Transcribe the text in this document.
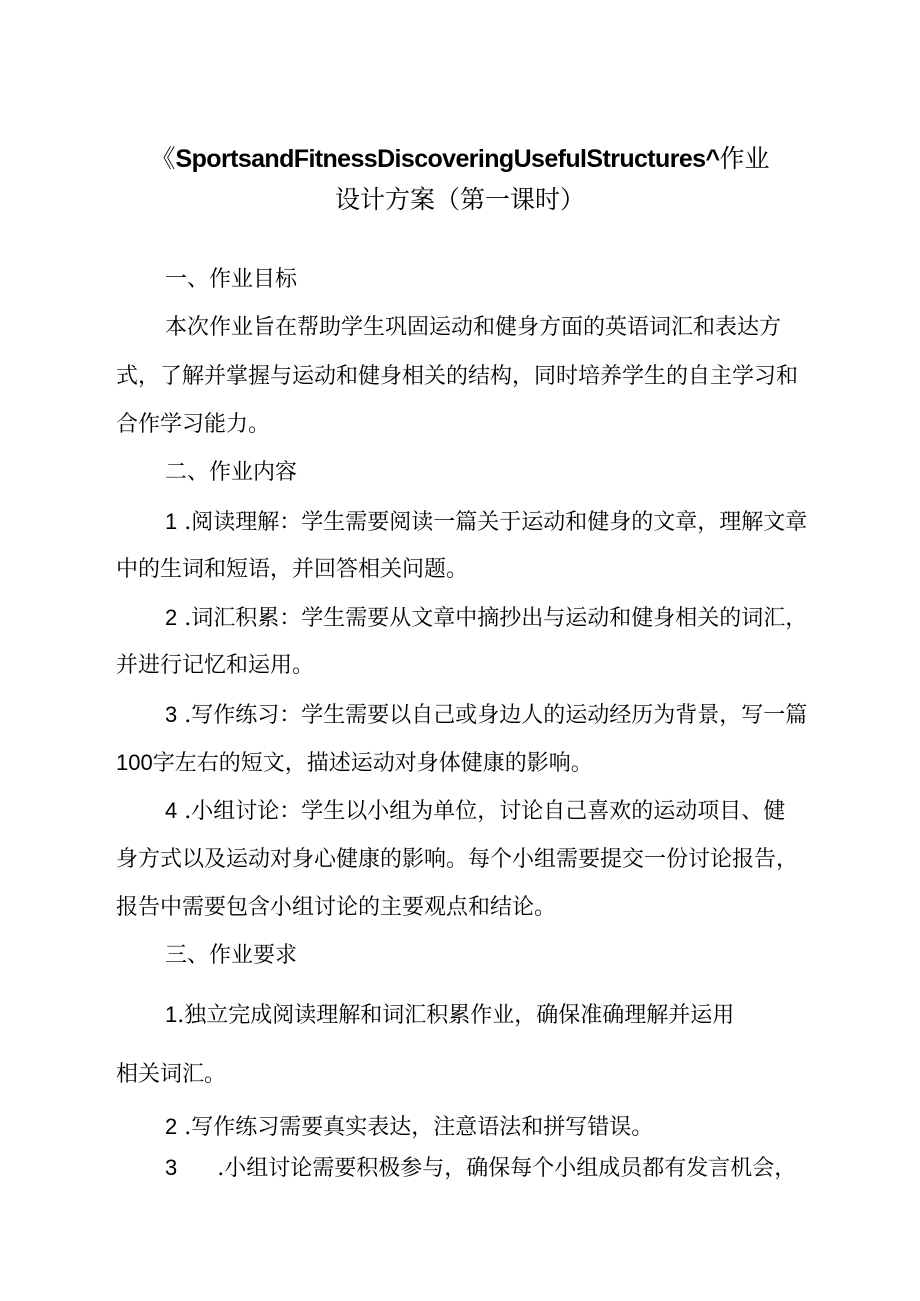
《SportsandFitnessDiscoveringUsefulStructures^作业
设计方案（第一课时）
一、作业目标
本次作业旨在帮助学生巩固运动和健身方面的英语词汇和表达方
式，了解并掌握与运动和健身相关的结构，同时培养学生的自主学习和
合作学习能力。
二、作业内容
1 .阅读理解：学生需要阅读一篇关于运动和健身的文章，理解文章
中的生词和短语，并回答相关问题。
2 .词汇积累：学生需要从文章中摘抄出与运动和健身相关的词汇，
并进行记忆和运用。
3 .写作练习：学生需要以自己或身边人的运动经历为背景，写一篇
100字左右的短文，描述运动对身体健康的影响。
4 .小组讨论：学生以小组为单位，讨论自己喜欢的运动项目、健
身方式以及运动对身心健康的影响。每个小组需要提交一份讨论报告，
报告中需要包含小组讨论的主要观点和结论。
三、作业要求
1.独立完成阅读理解和词汇积累作业，确保准确理解并运用
相关词汇。
2 .写作练习需要真实表达，注意语法和拼写错误。
3 .小组讨论需要积极参与，确保每个小组成员都有发言机会，
